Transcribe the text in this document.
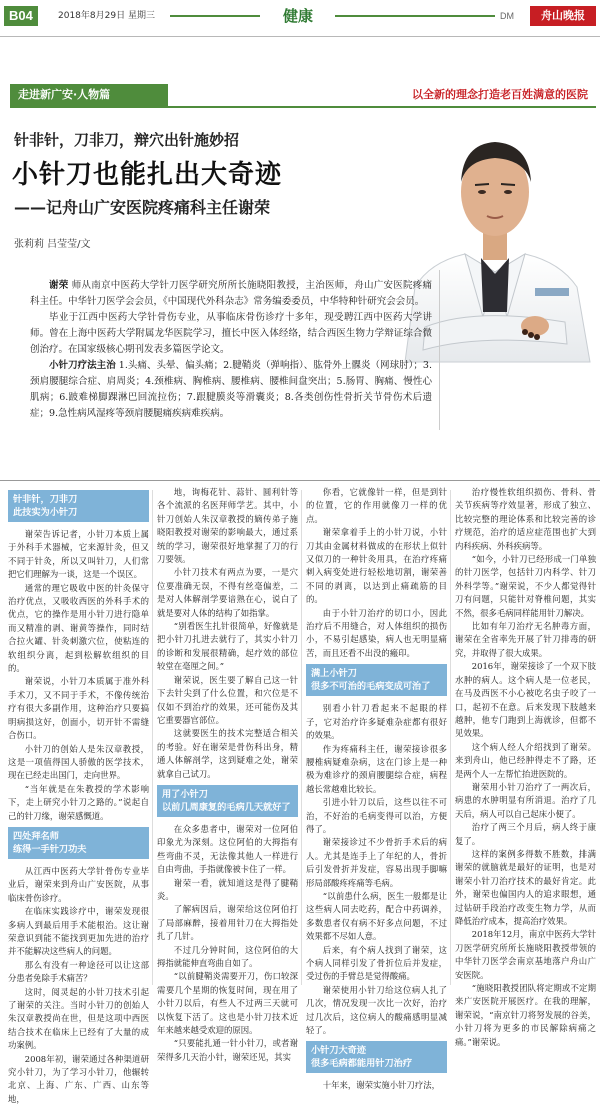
B04	2018年8月29日 星期三	健康	DM	舟山晚报
走进新广安·人物篇	以全新的理念打造老百姓满意的医院
针非针，刀非刀，辩穴出针施妙招
小针刀也能扎出大奇迹
——记舟山广安医院疼痛科主任谢荣
张莉莉 吕莹莹/文

谢荣 师从南京中医药大学针刀医学研究所所长施晓阳教授，主治医师，舟山广安医院疼痛科主任。中华针刀医学会会员，《中国现代外科杂志》常务编委委员，中华特种针研究会会员。

毕业于江西中医药大学针骨伤专业，从事临床骨伤诊疗十多年，现受聘江西中医药大学讲师。曾在上海中医药大学附属龙华医院学习，擅长中医入体经络，结合西医生物力学辩证综合微创治疗。在国家级核心期刊发表多篇医学论文。

小针刀疗法主治 1.头痛、头晕、偏头痛；2.腱鞘炎（弹响指）、肱骨外上髁炎（网球肘）；3.颈肩腰腿综合症、肩周炎；4.颈椎病、胸椎病、腰椎病、腰椎间盘突出；5.肠胃、胸痛、慢性心肌病；6.跛难梯脚踝淋巴回流拉伤；7.跟腱膜炎等滑囊炎；8.各类创伤性骨折关节骨伤术后遗症；9.急性病风湿疼等颈肩腰腿痛疾病难疾病。

针非针，刀非刀
此技实为小针刀

谢荣告诉记者，小针刀本质上属于外科手术器械，它来源针灸，但又不同于针灸，所以又叫针刀，人们常把它们理解为一谈，这是一个误区。

通常的理它吸收中医的针灸保守治疗优点，又吸收西医的外科手术的优点，它的操作是用小针刀进行隐单而又精准的剥、谢黄等操作，同时结合拉火罐、针灸刺激穴位，使粘连的软组织分离，起到松解软组织的目的。

谢荣说，小针刀本质属于准外科手术刀，又不同于手术，不像传统治疗有很大多副作用，这种治疗只要搞明病损这好，创面小，切开针不需缝合伤口。

小针刀的创始人是朱汉章教授，这是一项值得国人骄傲的医学技术，现在已经走出国门，走向世界。

“当年就是在朱教授的学术影响下，走上研究小针刀之路的。”说起自己的针刀缘，谢荣感慨道。

四处拜名师
练得一手针刀功夫

从江西中医药大学针骨伤专业毕业后，谢荣来到舟山广安医院，从事临床骨伤诊疗。

在临床实践诊疗中，谢荣发现很多病人到最后用手术能根治。这让谢荣意识到能不能找到更加先进的治疗并不能解决这些病人的问题。

那么有没有一种途径可以让这部分患者免除手术痛苦？

这时，阅灵起的小针刀技术引起了谢荣的关注。当时小针刀的创始人朱汉章教授尚在世，但是这项中西医结合技术在临床上已经有了大量的成功案例。

2008年初，谢荣通过各种渠道研究小针刀，为了学习小针刀，他辗转北京、上海、广东、广西、山东等地，

地，询梅花针、蒜针、圆利针等各个流派的名医拜师学艺。其中，小针刀创始人朱汉章教授的嫡传弟子施晓阳教授对谢荣的影响最大，通过系统的学习，谢荣很好地掌握了刀的行刀要领。

小针刀技术有两点为要，一是穴位要准确无误，不得有丝毫偏差，二是对人体解剖学要谙熟在心，说白了就是要对人体的结构了如指掌。

“别看医生扎针很简单，好像就是把小针刀扎进去就行了，其实小针刀的诊断和发展很精确，起疗效的部位较堂在毫厘之间。”

谢荣说，医生要了解自己这一针下去针尖到了什么位置，和穴位是不仅如不到治疗的效果，还可能伤及其它重要器官部位。

这就要医生的技术完整适合相关的考验。好在谢荣是骨伤科出身，精通人体解剖学，这到疑难之处，谢荣就拿自己试刀。

用了小针刀
以前几周康复的毛病几天就好了

在众多患者中，谢荣对一位阿伯印象尤为深刻。这位阿伯的大拇指有些弯曲不灵，无法像其他人一样进行自由弯曲，手指就像被卡住了一样。

谢荣一看，就知道这是得了腱鞘炎。

了解病因后，谢荣给这位阿伯打了局部麻醉，接着用针刀在大拇指处扎了几针。

不过几分钟时间，这位阿伯的大拇指就能伸直弯曲自如了。

“以前腱鞘炎需要开刀，伤口较深需要几个星期的恢复时间，现在用了小针刀以后，有些人不过两三天就可以恢复下活了。这也是小针刀技术近年来越来越受欢迎的原因。

“只要能扎通一针小针刀，或者谢荣得多几天治小针，谢荣还见，其实

你看，它就像针一样，但是到针的位置，它的作用就像刀一样的优点。

谢荣拿着手上的小针刀说，小针刀其由金属材料做成的在形状上似针又似刀的一种针灸用具，在治疗疼痛刺入病变处进行轻松地切割，谢荣善不同的剥离，以达到止痛疏筋的目的。

由于小针刀治疗的切口小，因此治疗后不用缝合，对人体组织的损伤小，不易引起感染，病人也无明显痛苦，而且还看不出没的瘢印。

满上小针刀
很多不可治的毛病变成可治了

别看小针刀看起来不起眼的样子，它对治疗许多疑难杂症都有很好的效果。

作为疼痛科主任，谢荣接诊很多腰椎病疑难杂病，这在门诊上是一种极为难诊疗的颈肩腰腿综合症，病程越长常越难比较长。

引进小针刀以后，这些以往不可治，不好治的毛病变得可以治，方便得了。

谢荣接诊过不少骨折手术后的病人。尤其是连手上了年纪的人，骨折后引发骨折并发症，容易出现手脚嘛形局部酸疼疼痛等毛病。

“以前患什么病，医生一般都是让这些病人同去吃药，配合中药调养，多数患者仅有病不好多点问题，不过效果都不尽如人意。

后来，有个病人找到了谢荣，这个病人同样引发了骨折位后并发症，受过伤的手臂总是觉得酸痛。

谢荣使用小针刀给这位病人扎了几次，情况发现一次比一次好，治疗过几次后，这位病人的酸痛感明显减轻了。

小针刀大奇迹
很多毛病都能用针刀治疗

十年来，谢荣实施小针刀疗法，

治疗慢性软组织损伤、骨科、骨关节疾病等疗效显著，形成了独立、比较完整的理论体系和比较完善的诊疗规范，治疗的适应症范围也扩大到内科疾病、外科疾病等。

“如今，小针刀已经形成一门单独的针刀医学，包括针刀内科学、针刀外科学等。”谢荣说，不少人都觉得针刀有问题，只能针对脊椎问题，其实不然，很多毛病同样能用针刀解决。

比如有年刀治疗无名肿毒方面，谢荣在全省率先开展了针刀排毒的研究，并取得了很大成果。

2016年，谢荣接诊了一个双下肢水肿的病人。这个病人是一位老民，在马及西医不小心被吃名虫子咬了一口，起初不在意。后来发现下肢越来越肿，他专门跑到上海就诊，但都不见效果。

这个病人经人介绍找到了谢荣。来到舟山，他已经肿得走不了路，还是两个人一左帮忙抬进医院的。

谢荣用小针刀治疗了一两次后，病患的水肿明显有所消退。治疗了几天后，病人可以自己起床小便了。

治疗了两三个月后，病人终于康复了。

这样的案例多得数不胜数，排满谢荣的就脑就是最好的证明，也是对谢荣小针刀治疗技术的最好肯定。此外，谢荣也偏国内人的追求眼想，通过钻研手段治疗改变生物力学，从而降低治疗成本，提高治疗效果。

2018年12月，南京中医药大学针刀医学研究所所长施晓阳教授带领的中华针刀医学会南京基地落户舟山广安医院。

“施晓阳教授团队将定期或不定期来广安医院开展医疗。在我的理解，谢荣说，“南京针刀将努发展的谷美，小针刀将为更多的市民解除病痛之痛。”谢荣说。
